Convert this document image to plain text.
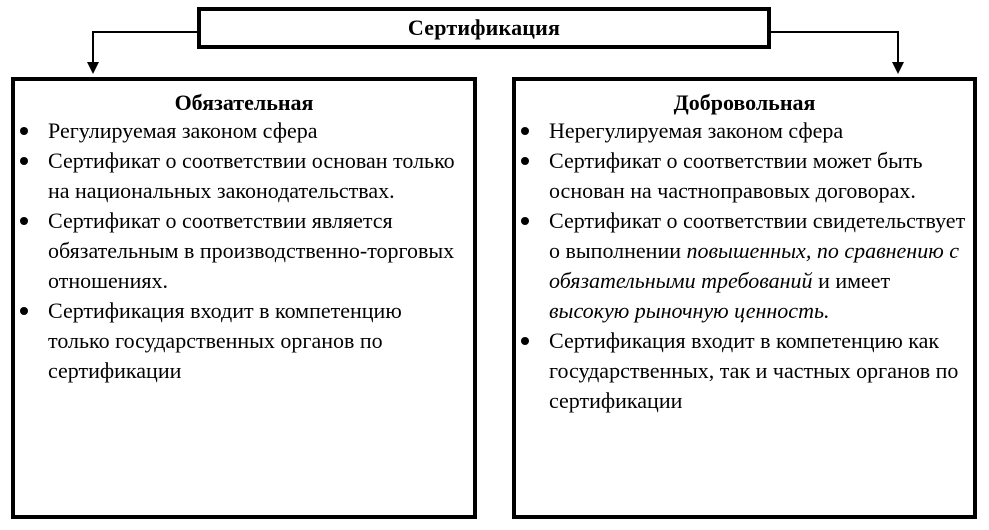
Сертификация
Обязательная
Регулируемая законом сфера
Сертификат о соответствии основан только на национальных законодательствах.
Сертификат о соответствии является обязательным в производственно-торговых отношениях.
Сертификация входит в компетенцию только государственных органов по сертификации
Добровольная
Нерегулируемая законом сфера
Сертификат о соответствии может быть основан на частноправовых договорах.
Сертификат о соответствии свидетельствует о выполнении повышенных, по сравнению с обязательными требований и имеет высокую рыночную ценность.
Сертификация входит в компетенцию как государственных, так и частных органов по сертификации
